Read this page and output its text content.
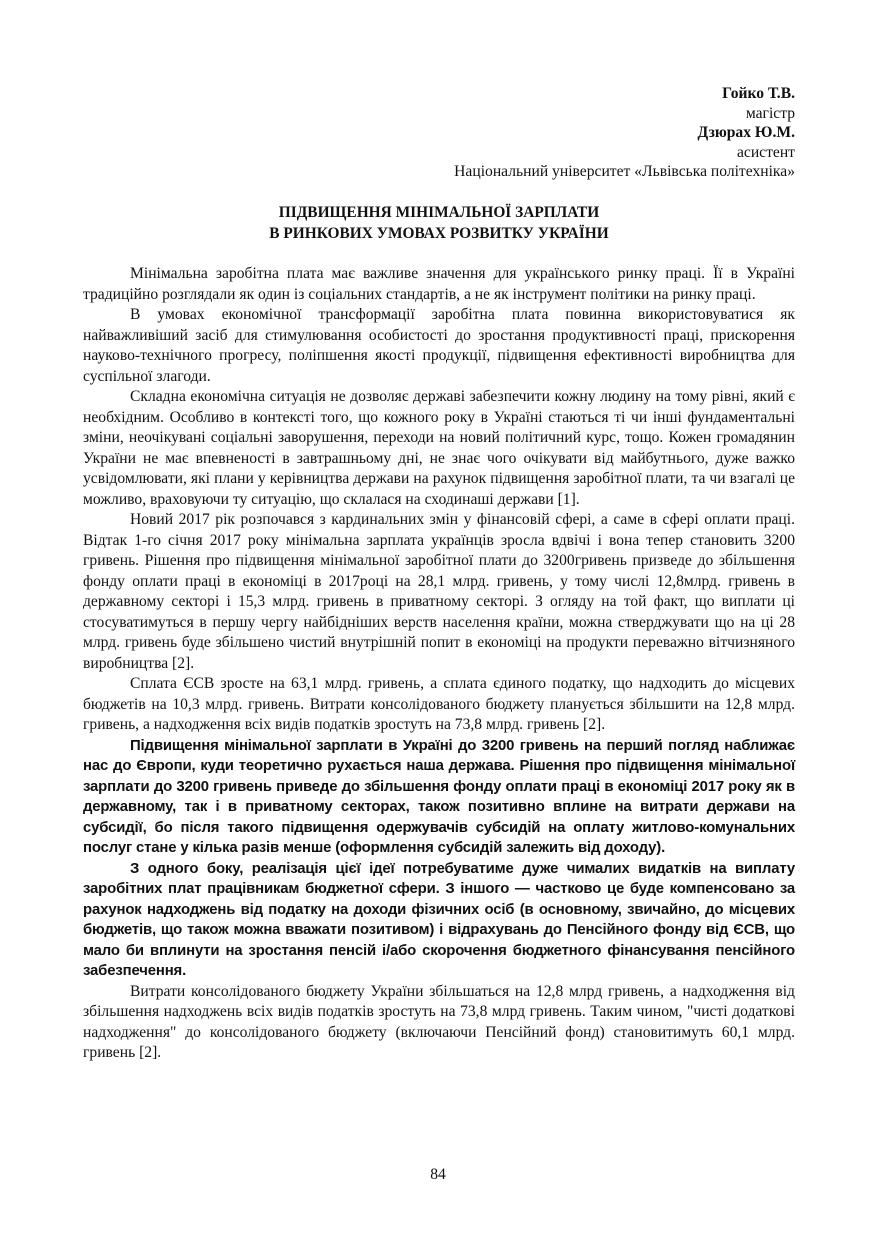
Гойко Т.В.
магістр
Дзюрах Ю.М.
асистент
Національний університет «Львівська політехніка»
ПІДВИЩЕННЯ МІНІМАЛЬНОЇ ЗАРПЛАТИ
В РИНКОВИХ УМОВАХ РОЗВИТКУ УКРАЇНИ

Мінімальна заробітна плата має важливе значення для українського ринку праці. Її в Україні традиційно розглядали як один із соціальних стандартів, а не як інструмент політики на ринку праці.

В умовах економічної трансформації заробітна плата повинна використовуватися як найважливіший засіб для стимулювання особистості до зростання продуктивності праці, прискорення науково-технічного прогресу, поліпшення якості продукції, підвищення ефективності виробництва для суспільної злагоди.

Складна економічна ситуація не дозволяє державі забезпечити кожну людину на тому рівні, який є необхідним. Особливо в контексті того, що кожного року в Україні стаються ті чи інші фундаментальні зміни, неочікувані соціальні заворушення, переходи на новий політичний курс, тощо. Кожен громадянин України не має впевненості в завтрашньому дні, не знає чого очікувати від майбутнього, дуже важко усвідомлювати, які плани у керівництва держави на рахунок підвищення заробітної плати, та чи взагалі це можливо, враховуючи ту ситуацію, що склалася на сходинаші держави [1].

Новий 2017 рік розпочався з кардинальних змін у фінансовій сфері, а саме в сфері оплати праці. Відтак 1-го січня 2017 року мінімальна зарплата українців зросла вдвічі і вона тепер становить 3200 гривень. Рішення про підвищення мінімальної заробітної плати до 3200гривень призведе до збільшення фонду оплати праці в економіці в 2017році на 28,1 млрд. гривень, у тому числі 12,8млрд. гривень в державному секторі і 15,3 млрд. гривень в приватному секторі. З огляду на той факт, що виплати ці стосуватимуться в першу чергу найбідніших верств населення країни, можна стверджувати що на ці 28 млрд. гривень буде збільшено чистий внутрішній попит в економіці на продукти переважно вітчизняного виробництва [2].

Сплата ЄСВ зросте на 63,1 млрд. гривень, а сплата єдиного податку, що надходить до місцевих бюджетів на 10,3 млрд. гривень. Витрати консолідованого бюджету планується збільшити на 12,8 млрд. гривень, а надходження всіх видів податків зростуть на 73,8 млрд. гривень [2].

Підвищення мінімальної зарплати в Україні до 3200 гривень на перший погляд наближає нас до Європи, куди теоретично рухається наша держава. Рішення про підвищення мінімальної зарплати до 3200 гривень приведе до збільшення фонду оплати праці в економіці 2017 року як в державному, так і в приватному секторах, також позитивно вплине на витрати держави на субсидії, бо після такого підвищення одержувачів субсидій на оплату житлово-комунальних послуг стане у кілька разів менше (оформлення субсидій залежить від доходу).

З одного боку, реалізація цієї ідеї потребуватиме дуже чималих видатків на виплату заробітних плат працівникам бюджетної сфери. З іншого — частково це буде компенсовано за рахунок надходжень від податку на доходи фізичних осіб (в основному, звичайно, до місцевих бюджетів, що також можна вважати позитивом) і відрахувань до Пенсійного фонду від ЄСВ, що мало би вплинути на зростання пенсій і/або скорочення бюджетного фінансування пенсійного забезпечення.

Витрати консолідованого бюджету України збільшаться на 12,8 млрд гривень, а надходження від збільшення надходжень всіх видів податків зростуть на 73,8 млрд гривень. Таким чином, "чисті додаткові надходження" до консолідованого бюджету (включаючи Пенсійний фонд) становитимуть 60,1 млрд. гривень [2].

84
